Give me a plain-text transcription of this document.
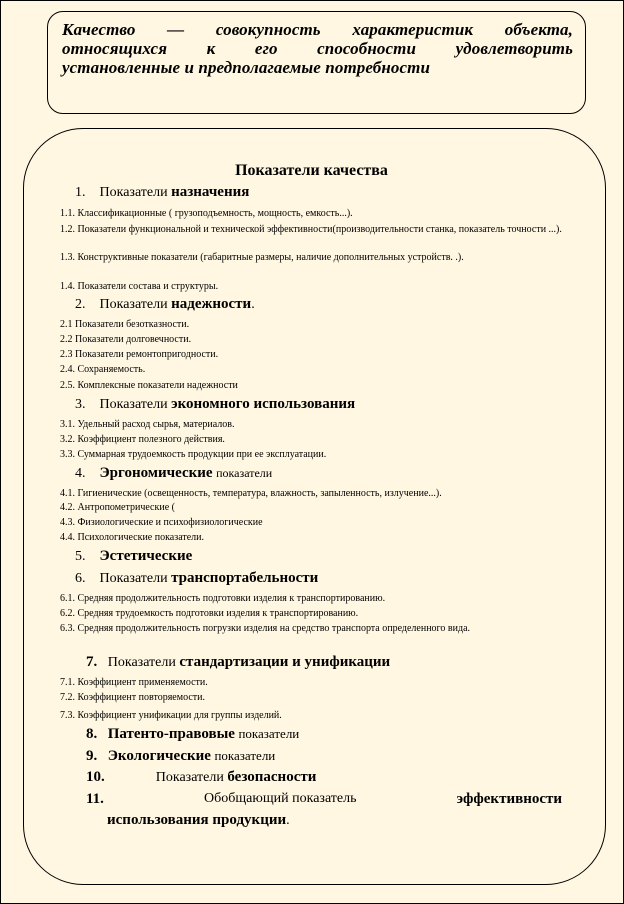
Качество — совокупность характеристик объекта,
относящихся к его способности удовлетворить
установленные и предполагаемые потребности
Показатели качества
1. Показатели назначения
1.1. Классификационные ( грузоподъемность, мощность, емкость...).
1.2. Показатели функциональной и технической эффективности(производительности станка, показатель точности ...).
1.3. Конструктивные показатели (габаритные размеры, наличие дополнительных устройств. .).
1.4. Показатели состава и структуры.
2. Показатели надежности.
2.1 Показатели безотказности.
2.2 Показатели долговечности.
2.3 Показатели ремонтопригодности.
2.4. Сохраняемость.
2.5. Комплексные показатели надежности
3. Показатели экономного использования
3.1. Удельный расход сырья, материалов.
3.2. Коэффициент полезного действия.
3.3. Суммарная трудоемкость продукции при ее эксплуатации.
4. Эргономические показатели
4.1. Гигиенические (освещенность, температура, влажность, запыленность, излучение...).
4.2. Антропометрические (
4.3. Физиологические и психофизиологические
4.4. Психологические показатели.
5. Эстетические
6. Показатели транспортабельности
6.1. Средняя продолжительность подготовки изделия к транспортированию.
6.2. Средняя трудоемкость подготовки изделия к транспортированию.
6.3. Средняя продолжительность погрузки изделия на средство транспорта определенного вида.
7. Показатели стандартизации и унификации
7.1. Коэффициент применяемости.
7.2. Коэффициент повторяемости.
7.3. Коэффициент унификации для группы изделий.
8. Патенто-правовые показатели
9. Экологические показатели
10.	Показатели безопасности
11.	Обобщающий показатель	эффективности
использования продукции.
